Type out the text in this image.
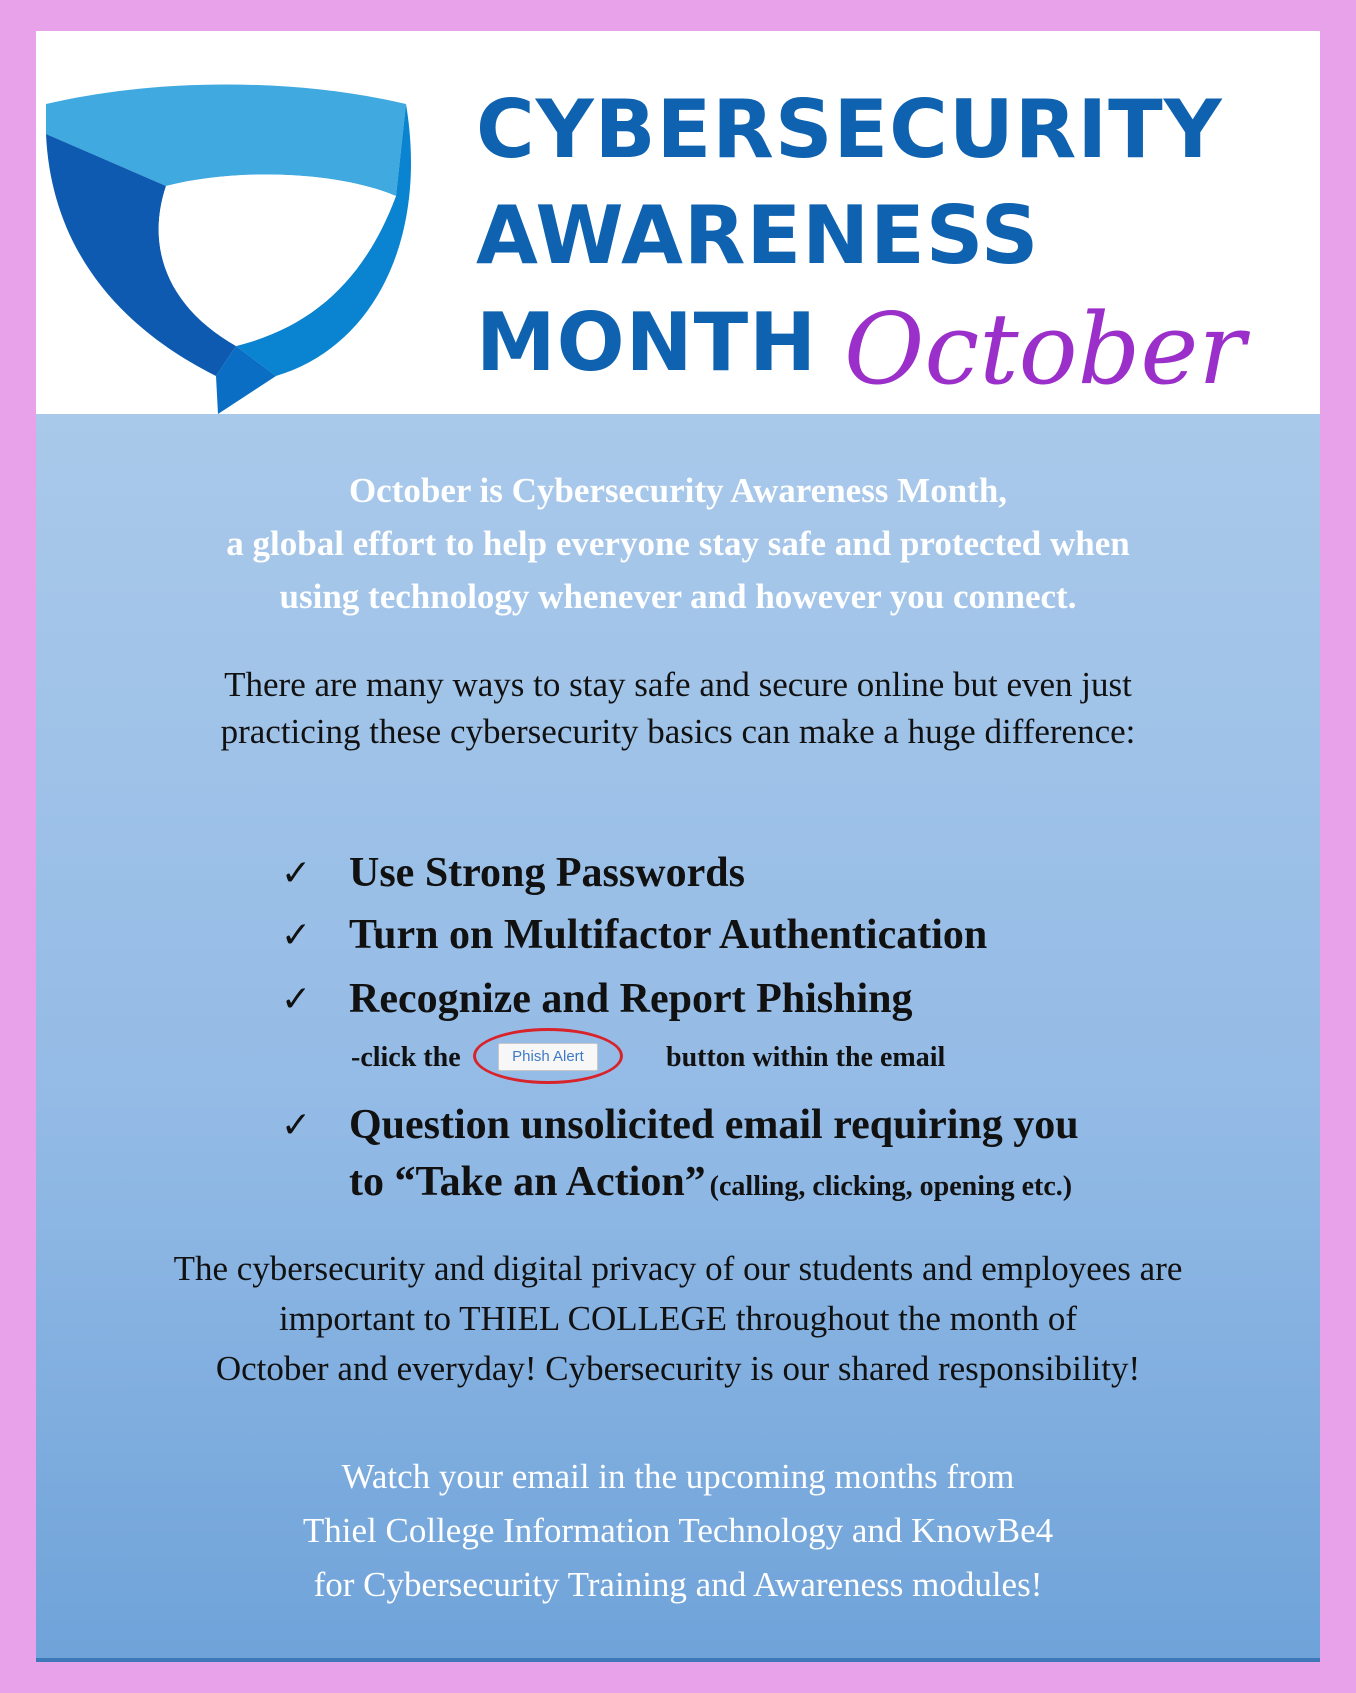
CYBERSECURITY
AWARENESS
MONTH October

October is Cybersecurity Awareness Month,
a global effort to help everyone stay safe and protected when
using technology whenever and however you connect.

There are many ways to stay safe and secure online but even just
practicing these cybersecurity basics can make a huge difference:

✓ Use Strong Passwords
✓ Turn on Multifactor Authentication
✓ Recognize and Report Phishing
-click the	Phish Alert	button within the email
✓ Question unsolicited email requiring you
to “Take an Action” (calling, clicking, opening etc.)

The cybersecurity and digital privacy of our students and employees are
important to THIEL COLLEGE throughout the month of
October and everyday! Cybersecurity is our shared responsibility!

Watch your email in the upcoming months from
Thiel College Information Technology and KnowBe4
for Cybersecurity Training and Awareness modules!
